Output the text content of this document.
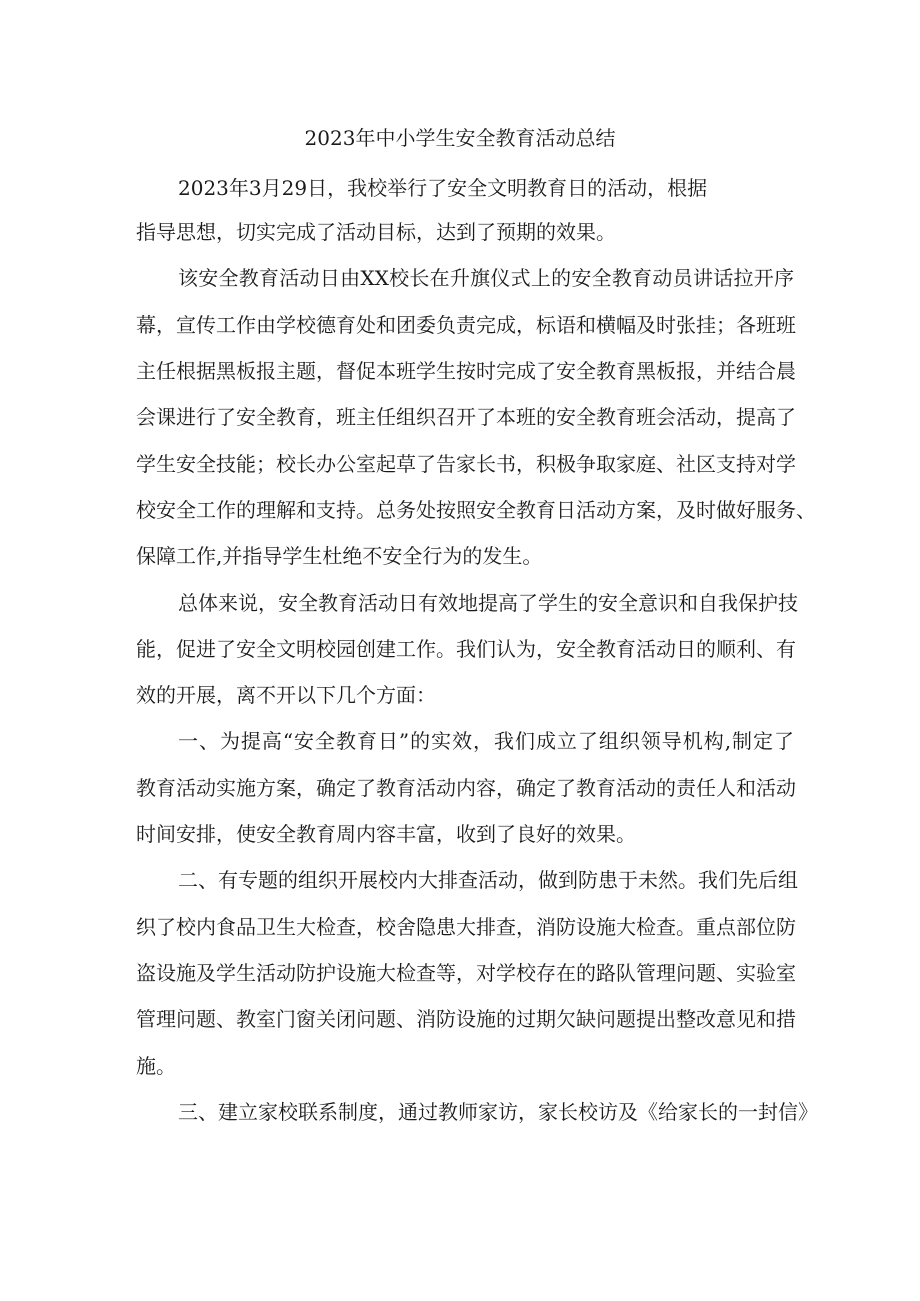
2023年中小学生安全教育活动总结
2023年3月29日，我校举行了安全文明教育日的活动，根据
指导思想，切实完成了活动目标，达到了预期的效果。
该安全教育活动日由XX校长在升旗仪式上的安全教育动员讲话拉开序
幕，宣传工作由学校德育处和团委负责完成，标语和横幅及时张挂；各班班
主任根据黑板报主题，督促本班学生按时完成了安全教育黑板报，并结合晨
会课进行了安全教育，班主任组织召开了本班的安全教育班会活动，提高了
学生安全技能；校长办公室起草了告家长书，积极争取家庭、社区支持对学
校安全工作的理解和支持。总务处按照安全教育日活动方案，及时做好服务、
保障工作,并指导学生杜绝不安全行为的发生。
总体来说，安全教育活动日有效地提高了学生的安全意识和自我保护技
能，促进了安全文明校园创建工作。我们认为，安全教育活动日的顺利、有
效的开展，离不开以下几个方面：
一、为提高“安全教育日”的实效，我们成立了组织领导机构,制定了
教育活动实施方案，确定了教育活动内容，确定了教育活动的责任人和活动
时间安排，使安全教育周内容丰富，收到了良好的效果。
二、有专题的组织开展校内大排查活动，做到防患于未然。我们先后组
织了校内食品卫生大检查，校舍隐患大排查，消防设施大检查。重点部位防
盗设施及学生活动防护设施大检查等，对学校存在的路队管理问题、实验室
管理问题、教室门窗关闭问题、消防设施的过期欠缺问题提出整改意见和措
施。
三、建立家校联系制度，通过教师家访，家长校访及《给家长的一封信》
